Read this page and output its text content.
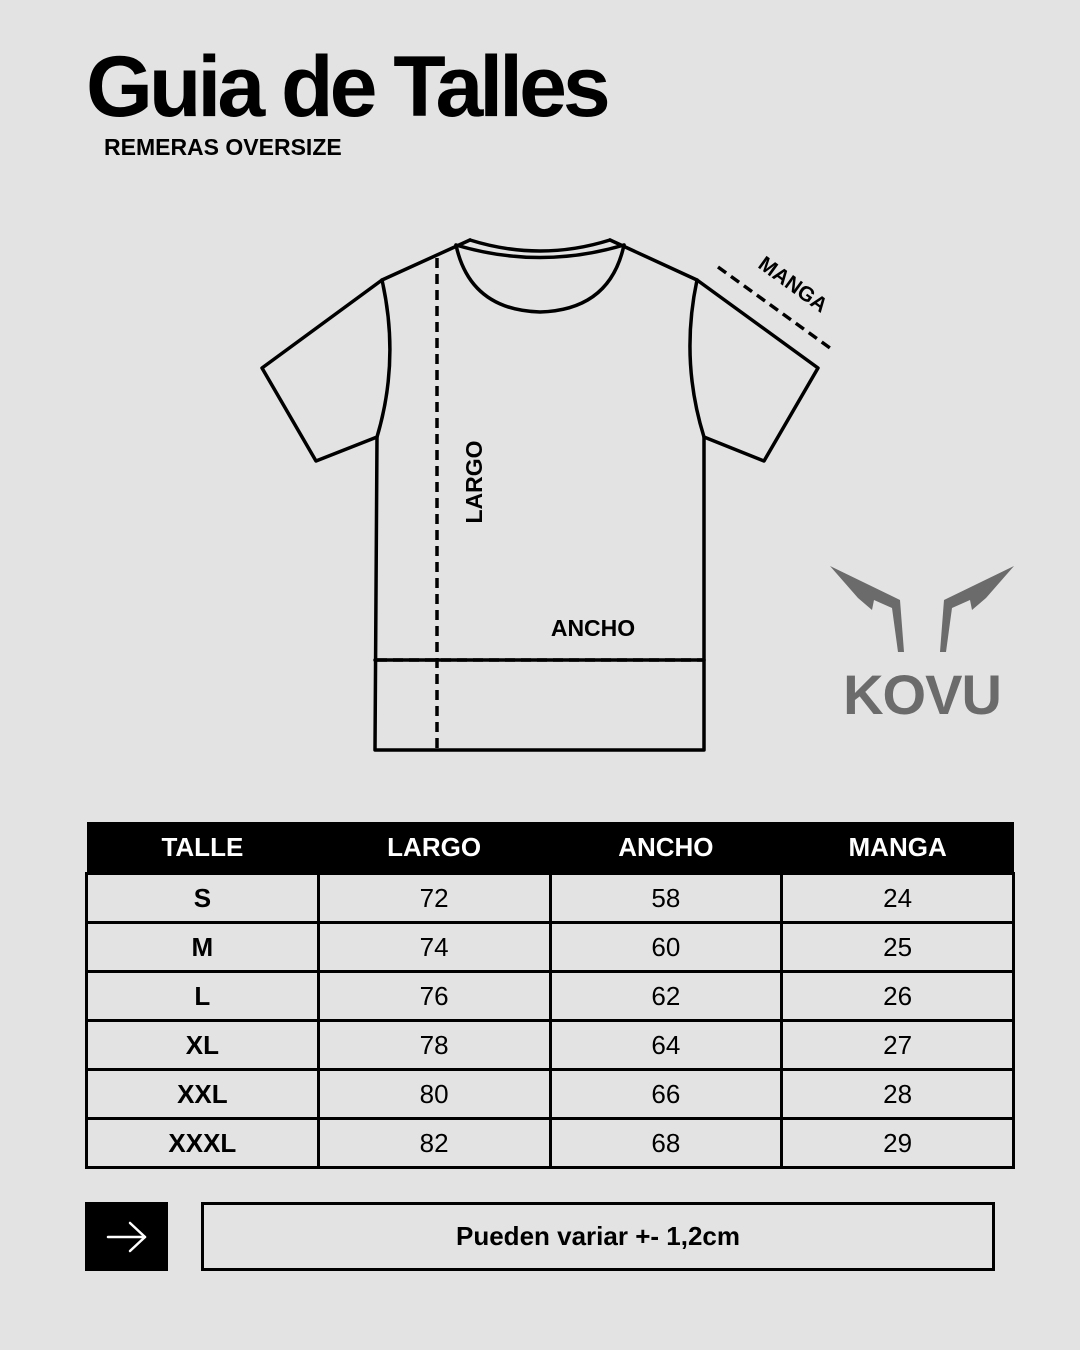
Guia de Talles
REMERAS OVERSIZE
LARGO
ANCHO
MANGA
KOVU
TALLE	LARGO	ANCHO	MANGA
S	72	58	24
M	74	60	25
L	76	62	26
XL	78	64	27
XXL	80	66	28
XXXL	82	68	29
Pueden variar +- 1,2cm
